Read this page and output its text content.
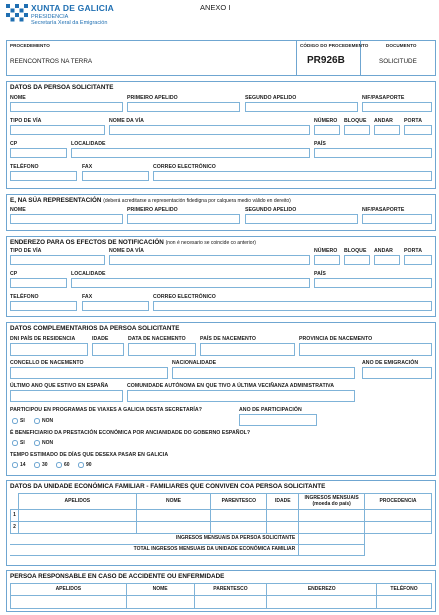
XUNTA DE GALICIA
PRESIDENCIA
Secretaría Xeral da Emigración
ANEXO I
PROCEDEMENTO
REENCONTROS NA TERRA
CÓDIGO DO PROCEDEMENTO
PR926B
DOCUMENTO
SOLICITUDE
DATOS DA PERSOA SOLICITANTE
NOME	PRIMEIRO APELIDO	SEGUNDO APELIDO	NIF/PASAPORTE
TIPO DE VÍA	NOME DA VÍA	NÚMERO BLOQUE ANDAR PORTA
CP	LOCALIDADE	PAÍS
TELÉFONO	FAX	CORREO ELECTRÓNICO
E, NA SÚA REPRESENTACIÓN (deberá acreditarse a representación fidedigna por calquera medio válido en dereito)
NOME	PRIMEIRO APELIDO	SEGUNDO APELIDO	NIF/PASAPORTE
ENDEREZO PARA OS EFECTOS DE NOTIFICACIÓN (non é necesario se coincide co anterior)
TIPO DE VÍA	NOME DA VÍA	NÚMERO BLOQUE ANDAR PORTA
CP	LOCALIDADE	PAÍS
TELÉFONO	FAX	CORREO ELECTRÓNICO
DATOS COMPLEMENTARIOS DA PERSOA SOLICITANTE
DNI PAÍS DE RESIDENCIA	IDADE	DATA DE NACEMENTO	PAÍS DE NACEMENTO	PROVINCIA DE NACEMENTO
CONCELLO DE NACEMENTO	NACIONALIDADE	ANO DE EMIGRACIÓN
ÚLTIMO ANO QUE ESTIVO EN ESPAÑA	COMUNIDADE AUTÓNOMA EN QUE TIVO A ÚLTIMA VECIÑANZA ADMINISTRATIVA
PARTICIPOU EN PROGRAMAS DE VIAXES A GALICIA DESTA SECRETARÍA?
SI	NON
ANO DE PARTICIPACIÓN
É BENEFICIARIO DA PRESTACIÓN ECONÓMICA POR ANCIANIDADE DO GOBERNO ESPAÑOL?
SI	NON
TEMPO ESTIMADO DE DÍAS QUE DESEXA PASAR EN GALICIA
14	30	60	90
DATOS DA UNIDADE ECONÓMICA FAMILIAR - FAMILIARES QUE CONVIVEN COA PERSOA SOLICITANTE
	APELIDOS	NOME	PARENTESCO	IDADE	INGRESOS MENSUAIS (moeda do país)	PROCEDENCIA
1						
2						
INGRESOS MENSUAIS DA PERSOA SOLICITANTE						
TOTAL INGRESOS MENSUAIS DA UNIDADE ECONÓMICA FAMILIAR						
PERSOA RESPONSABLE EN CASO DE ACCIDENTE OU ENFERMIDADE
APELIDOS	NOME	PARENTESCO	ENDEREZO	TELÉFONO
